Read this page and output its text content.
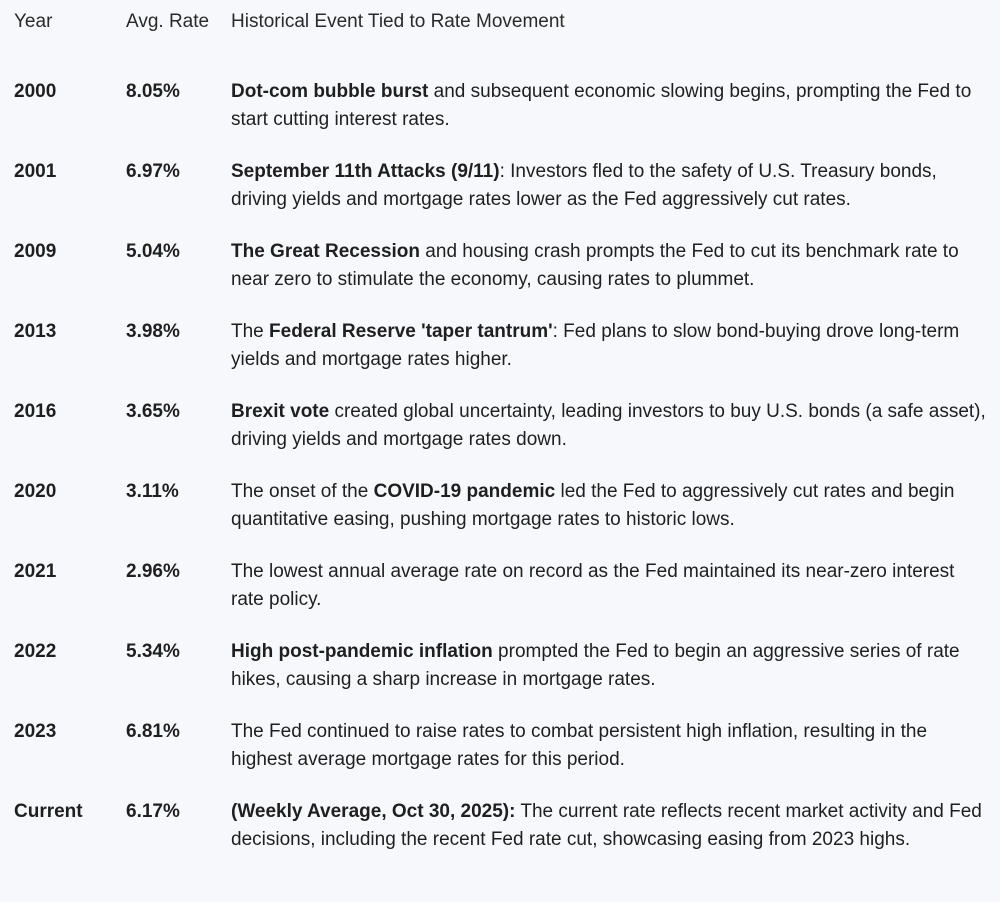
Year	Avg. Rate	Historical Event Tied to Rate Movement
2000	8.05%	Dot-com bubble burst and subsequent economic slowing begins, prompting the Fed to start cutting interest rates.
2001	6.97%	September 11th Attacks (9/11): Investors fled to the safety of U.S. Treasury bonds, driving yields and mortgage rates lower as the Fed aggressively cut rates.
2009	5.04%	The Great Recession and housing crash prompts the Fed to cut its benchmark rate to near zero to stimulate the economy, causing rates to plummet.
2013	3.98%	The Federal Reserve 'taper tantrum': Fed plans to slow bond-buying drove long-term yields and mortgage rates higher.
2016	3.65%	Brexit vote created global uncertainty, leading investors to buy U.S. bonds (a safe asset), driving yields and mortgage rates down.
2020	3.11%	The onset of the COVID-19 pandemic led the Fed to aggressively cut rates and begin quantitative easing, pushing mortgage rates to historic lows.
2021	2.96%	The lowest annual average rate on record as the Fed maintained its near-zero interest rate policy.
2022	5.34%	High post-pandemic inflation prompted the Fed to begin an aggressive series of rate hikes, causing a sharp increase in mortgage rates.
2023	6.81%	The Fed continued to raise rates to combat persistent high inflation, resulting in the highest average mortgage rates for this period.
Current	6.17%	(Weekly Average, Oct 30, 2025): The current rate reflects recent market activity and Fed decisions, including the recent Fed rate cut, showcasing easing from 2023 highs.
